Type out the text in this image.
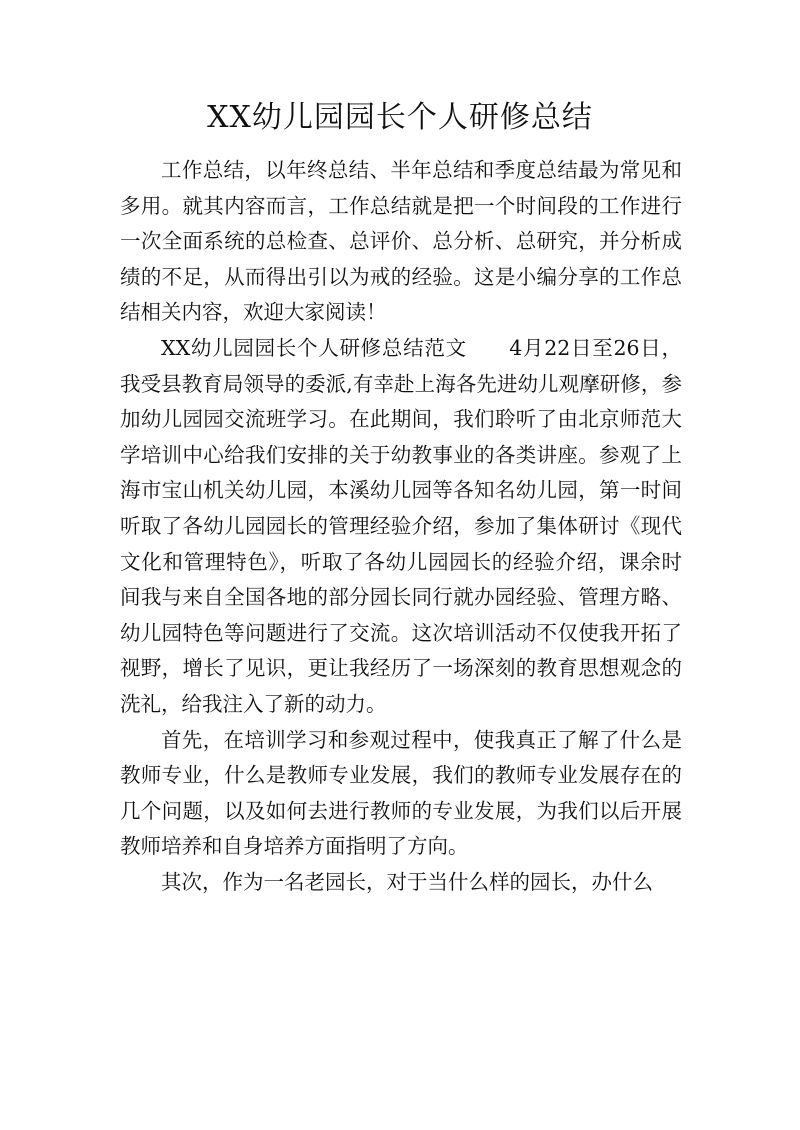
XX幼儿园园长个人研修总结

工作总结，以年终总结、半年总结和季度总结最为常见和多用。就其内容而言，工作总结就是把一个时间段的工作进行一次全面系统的总检查、总评价、总分析、总研究，并分析成绩的不足，从而得出引以为戒的经验。这是小编分享的工作总结相关内容，欢迎大家阅读！

XX幼儿园园长个人研修总结范文　　4月22日至26日，我受县教育局领导的委派,有幸赴上海各先进幼儿观摩研修，参加幼儿园园交流班学习。在此期间，我们聆听了由北京师范大学培训中心给我们安排的关于幼教事业的各类讲座。参观了上海市宝山机关幼儿园，本溪幼儿园等各知名幼儿园，第一时间听取了各幼儿园园长的管理经验介绍，参加了集体研讨《现代文化和管理特色》，听取了各幼儿园园长的经验介绍，课余时间我与来自全国各地的部分园长同行就办园经验、管理方略、幼儿园特色等问题进行了交流。这次培训活动不仅使我开拓了视野，增长了见识，更让我经历了一场深刻的教育思想观念的洗礼，给我注入了新的动力。

首先，在培训学习和参观过程中，使我真正了解了什么是教师专业，什么是教师专业发展，我们的教师专业发展存在的几个问题，以及如何去进行教师的专业发展，为我们以后开展教师培养和自身培养方面指明了方向。

其次，作为一名老园长，对于当什么样的园长，办什么
